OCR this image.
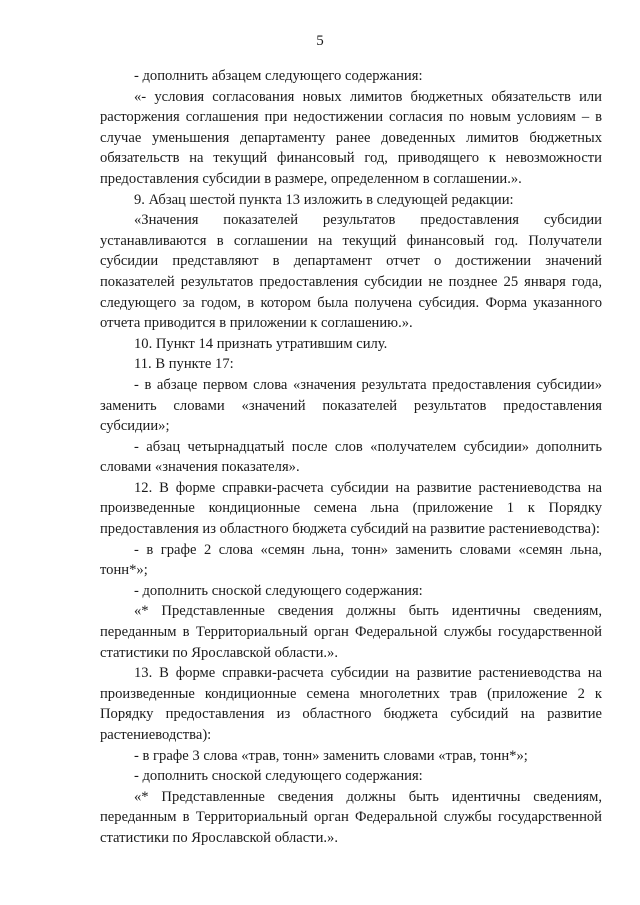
5

- дополнить абзацем следующего содержания:

«- условия согласования новых лимитов бюджетных обязательств или расторжения соглашения при недостижении согласия по новым условиям – в случае уменьшения департаменту ранее доведенных лимитов бюджетных обязательств на текущий финансовый год, приводящего к невозможности предоставления субсидии в размере, определенном в соглашении.».

9. Абзац шестой пункта 13 изложить в следующей редакции:

«Значения показателей результатов предоставления субсидии устанавливаются в соглашении на текущий финансовый год. Получатели субсидии представляют в департамент отчет о достижении значений показателей результатов предоставления субсидии не позднее 25 января года, следующего за годом, в котором была получена субсидия. Форма указанного отчета приводится в приложении к соглашению.».

10. Пункт 14 признать утратившим силу.

11. В пункте 17:

- в абзаце первом слова «значения результата предоставления субсидии» заменить словами «значений показателей результатов предоставления субсидии»;

- абзац четырнадцатый после слов «получателем субсидии» дополнить словами «значения показателя».

12. В форме справки-расчета субсидии на развитие растениеводства на произведенные кондиционные семена льна (приложение 1 к Порядку предоставления из областного бюджета субсидий на развитие растениеводства):

- в графе 2 слова «семян льна, тонн» заменить словами «семян льна, тонн*»;

- дополнить сноской следующего содержания:

«* Представленные сведения должны быть идентичны сведениям, переданным в Территориальный орган Федеральной службы государственной статистики по Ярославской области.».

13. В форме справки-расчета субсидии на развитие растениеводства на произведенные кондиционные семена многолетних трав (приложение 2 к Порядку предоставления из областного бюджета субсидий на развитие растениеводства):

- в графе 3 слова «трав, тонн» заменить словами «трав, тонн*»;

- дополнить сноской следующего содержания:

«* Представленные сведения должны быть идентичны сведениям, переданным в Территориальный орган Федеральной службы государственной статистики по Ярославской области.».
